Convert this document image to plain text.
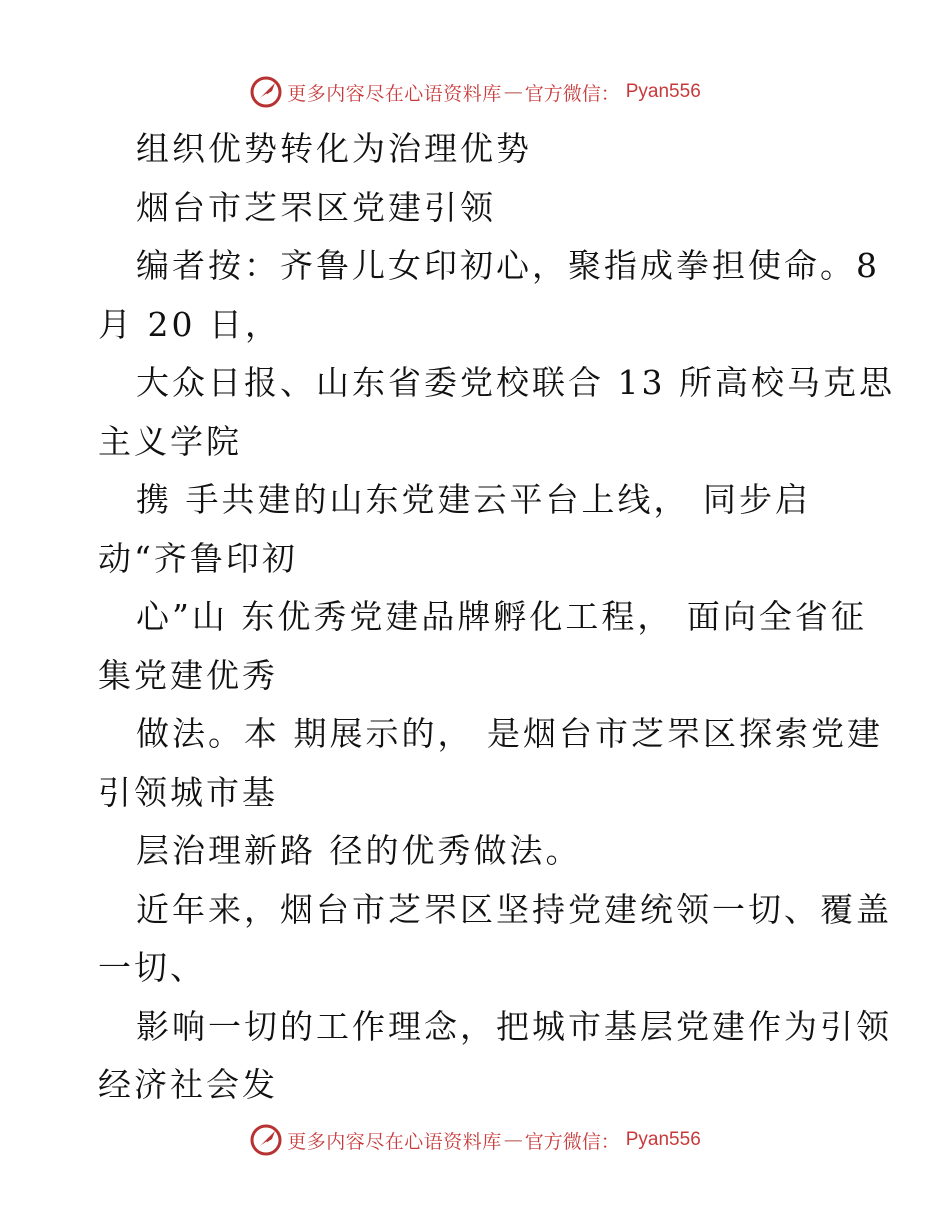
更多内容尽在心语资料库 — 官方微信： Pyan556
组织优势转化为治理优势
烟台市芝罘区党建引领
编者按：齐鲁儿女印初心，聚指成拳担使命。8
月 20 日，
大众日报、山东省委党校联合 13 所高校马克思
主义学院
携 手共建的山东党建云平台上线， 同步启
动“齐鲁印初
心”山 东优秀党建品牌孵化工程， 面向全省征
集党建优秀
做法。本 期展示的， 是烟台市芝罘区探索党建
引领城市基
层治理新路 径的优秀做法。
近年来，烟台市芝罘区坚持党建统领一切、覆盖
一切、
影响一切的工作理念，把城市基层党建作为引领
经济社会发
更多内容尽在心语资料库 — 官方微信： Pyan556
